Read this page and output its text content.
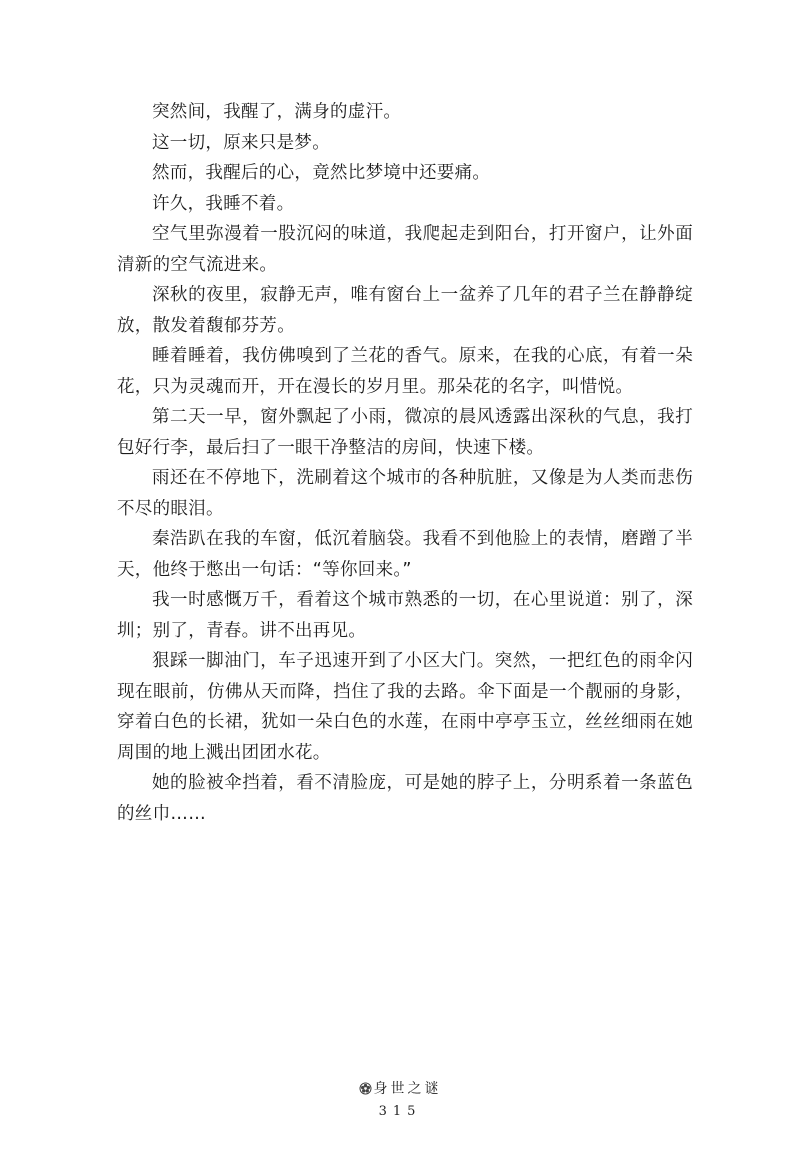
突然间，我醒了，满身的虚汗。

这一切，原来只是梦。

然而，我醒后的心，竟然比梦境中还要痛。

许久，我睡不着。

空气里弥漫着一股沉闷的味道，我爬起走到阳台，打开窗户，让外面清新的空气流进来。

深秋的夜里，寂静无声，唯有窗台上一盆养了几年的君子兰在静静绽放，散发着馥郁芬芳。

睡着睡着，我仿佛嗅到了兰花的香气。原来，在我的心底，有着一朵花，只为灵魂而开，开在漫长的岁月里。那朵花的名字，叫惜悦。

第二天一早，窗外飘起了小雨，微凉的晨风透露出深秋的气息，我打包好行李，最后扫了一眼干净整洁的房间，快速下楼。

雨还在不停地下，洗刷着这个城市的各种肮脏，又像是为人类而悲伤不尽的眼泪。

秦浩趴在我的车窗，低沉着脑袋。我看不到他脸上的表情，磨蹭了半天，他终于憋出一句话：“等你回来。”

我一时感慨万千，看着这个城市熟悉的一切，在心里说道：别了，深圳；别了，青春。讲不出再见。

狠踩一脚油门，车子迅速开到了小区大门。突然，一把红色的雨伞闪现在眼前，仿佛从天而降，挡住了我的去路。伞下面是一个靓丽的身影，穿着白色的长裙，犹如一朵白色的水莲，在雨中亭亭玉立，丝丝细雨在她周围的地上溅出团团水花。

她的脸被伞挡着，看不清脸庞，可是她的脖子上，分明系着一条蓝色的丝巾……

身世之谜
315
